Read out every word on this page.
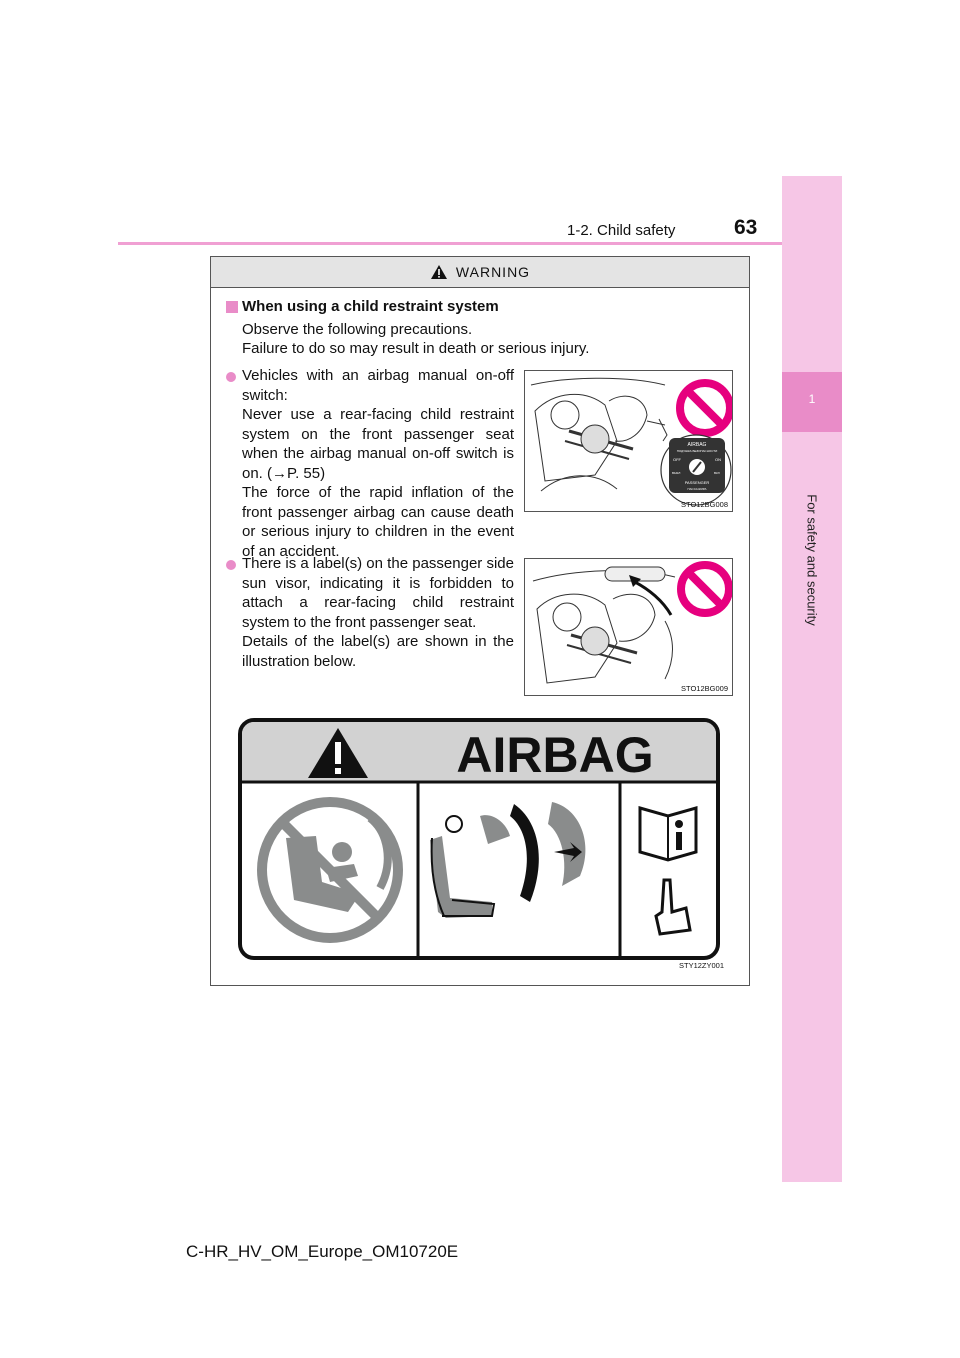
1
For safety and security
1-2. Child safety	63
WARNING
When using a child restraint system
Observe the following precautions.
Failure to do so may result in death or serious injury.
Vehicles with an airbag manual on-off switch:
Never use a rear-facing child restraint system on the front passenger seat when the airbag manual on-off switch is on. (→P. 55)
The force of the rapid inflation of the front passenger airbag can cause death or serious injury to children in the event of an accident.
AIRBAG
ПОДУШКА БЕЗОПАСНОСТИ
OFF
ВЫКЛ
ON
ВКЛ
PASSENGER
ПАССАЖИРА
STO12BG008
There is a label(s) on the passenger side sun visor, indicating it is forbidden to attach a rear-facing child restraint system to the front passenger seat.
Details of the label(s) are shown in the illustration below.
STO12BG009
AIRBAG
STY12ZY001
C-HR_HV_OM_Europe_OM10720E
